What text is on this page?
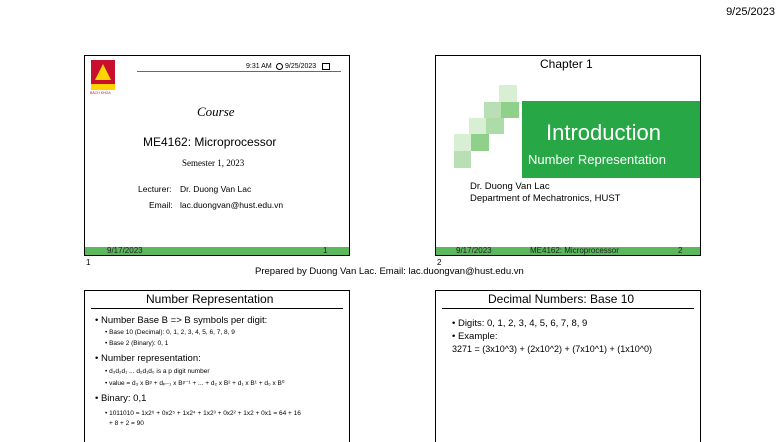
9/25/2023
BÁCH KHOA
9:31 AM 9/25/2023
Course
ME4162: Microprocessor
Semester 1, 2023
Lecturer: Dr. Duong Van Lac
Email: lac.duongvan@hust.edu.vn
9/17/2023	1
1
Chapter 1
Introduction
Number Representation
Dr. Duong Van Lac
Department of Mechatronics, HUST
9/17/2023	ME4162: Microprocessor	2
2
Prepared by Duong Van Lac. Email: lac.duongvan@hust.edu.vn
Number Representation
• Number Base B => B symbols per digit:
• Base 10 (Decimal): 0, 1, 2, 3, 4, 5, 6, 7, 8, 9
• Base 2 (Binary): 0, 1
• Number representation:
• d₃d₂d₁ ... d₂d₁d₀ is a p digit number
• value = d₃ x Bᵖ + dₚ₋₁ x Bᵖ⁻¹ + ... + d₂ x B² + d₁ x B¹ + d₀ x B⁰
• Binary: 0,1
• 1011010 = 1x2⁶ + 0x2⁵ + 1x2⁴ + 1x2³ + 0x2² + 1x2 + 0x1 = 64 + 16
+ 8 + 2 = 90
Decimal Numbers: Base 10
• Digits: 0, 1, 2, 3, 4, 5, 6, 7, 8, 9
• Example:
3271 = (3x10^3) + (2x10^2) + (7x10^1) + (1x10^0)
